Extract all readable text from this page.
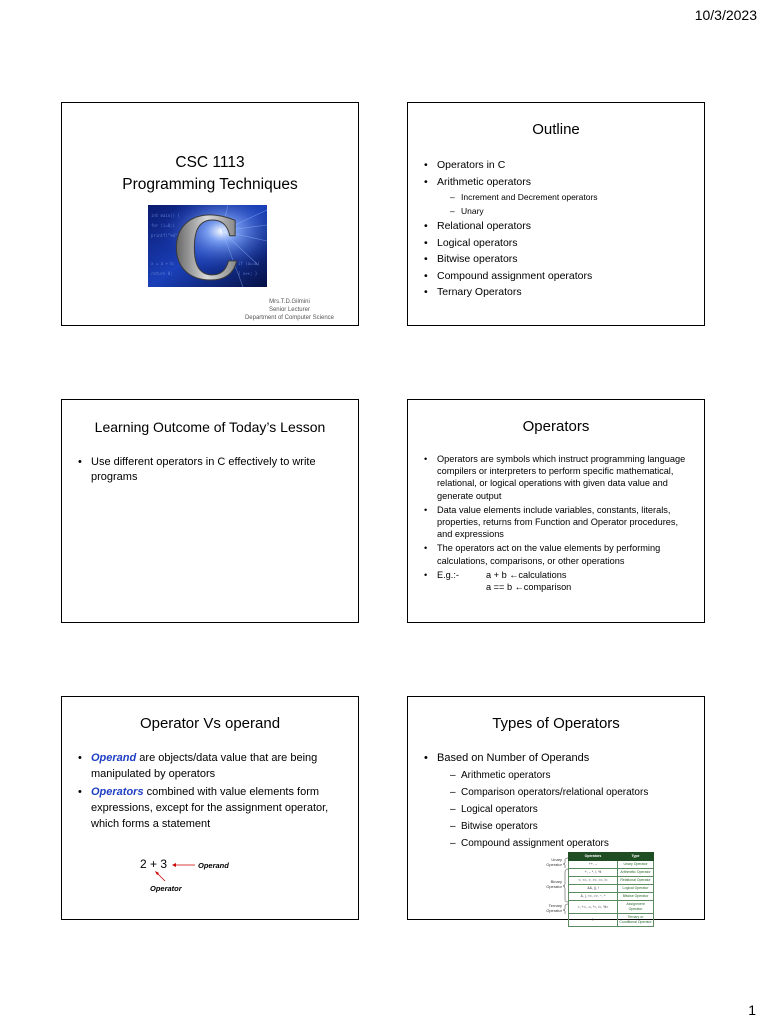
10/3/2023
CSC 1113
Programming Techniques
int main() {
for (i=0;i
printf("%d",
x = a + b;
return 0;
if (a==b)
{ x++; }
C
Mrs.T.D.Gilmini
Senior Lecturer
Department of Computer Science
Outline
• Operators in C
• Arithmetic operators
– Increment and Decrement operators
– Unary
• Relational operators
• Logical operators
• Bitwise operators
• Compound assignment operators
• Ternary Operators
Learning Outcome of Today’s Lesson
• Use different operators in C effectively to write programs
Operators
• Operators are symbols which instruct programming language compilers or interpreters to perform specific mathematical, relational, or logical operations with given data value and generate output
• Data value elements include variables, constants, literals, properties, returns from Function and Operator procedures, and expressions
• The operators act on the value elements by performing calculations, comparisons, or other operations
• E.g.:-	a + b ←calculations
a == b ←comparison
Operator Vs operand
• Operand are objects/data value that are being manipulated by operators
• Operators combined with value elements form expressions, except for the assignment operator, which forms a statement
2 + 3	Operand
Operator
Types of Operators
• Based on Number of Operands
– Arithmetic operators
– Comparison operators/relational operators
– Logical operators
– Bitwise operators
– Compound assignment operators
Unary Operator
Binary Operator
Ternary Operator
Operators	Type
++, --	Unary Operator
+, -, *, /, %	Arithmetic Operator
<, <=, >, >=, ==, !=	Relational Operator
&&, ||, !	Logical Operator
&, |, <<, >>, ~, ^	Bitwise Operator
=, +=, -=, *=, /=, %=	Assignment Operator
?:	Ternary or Conditional Operator
1
